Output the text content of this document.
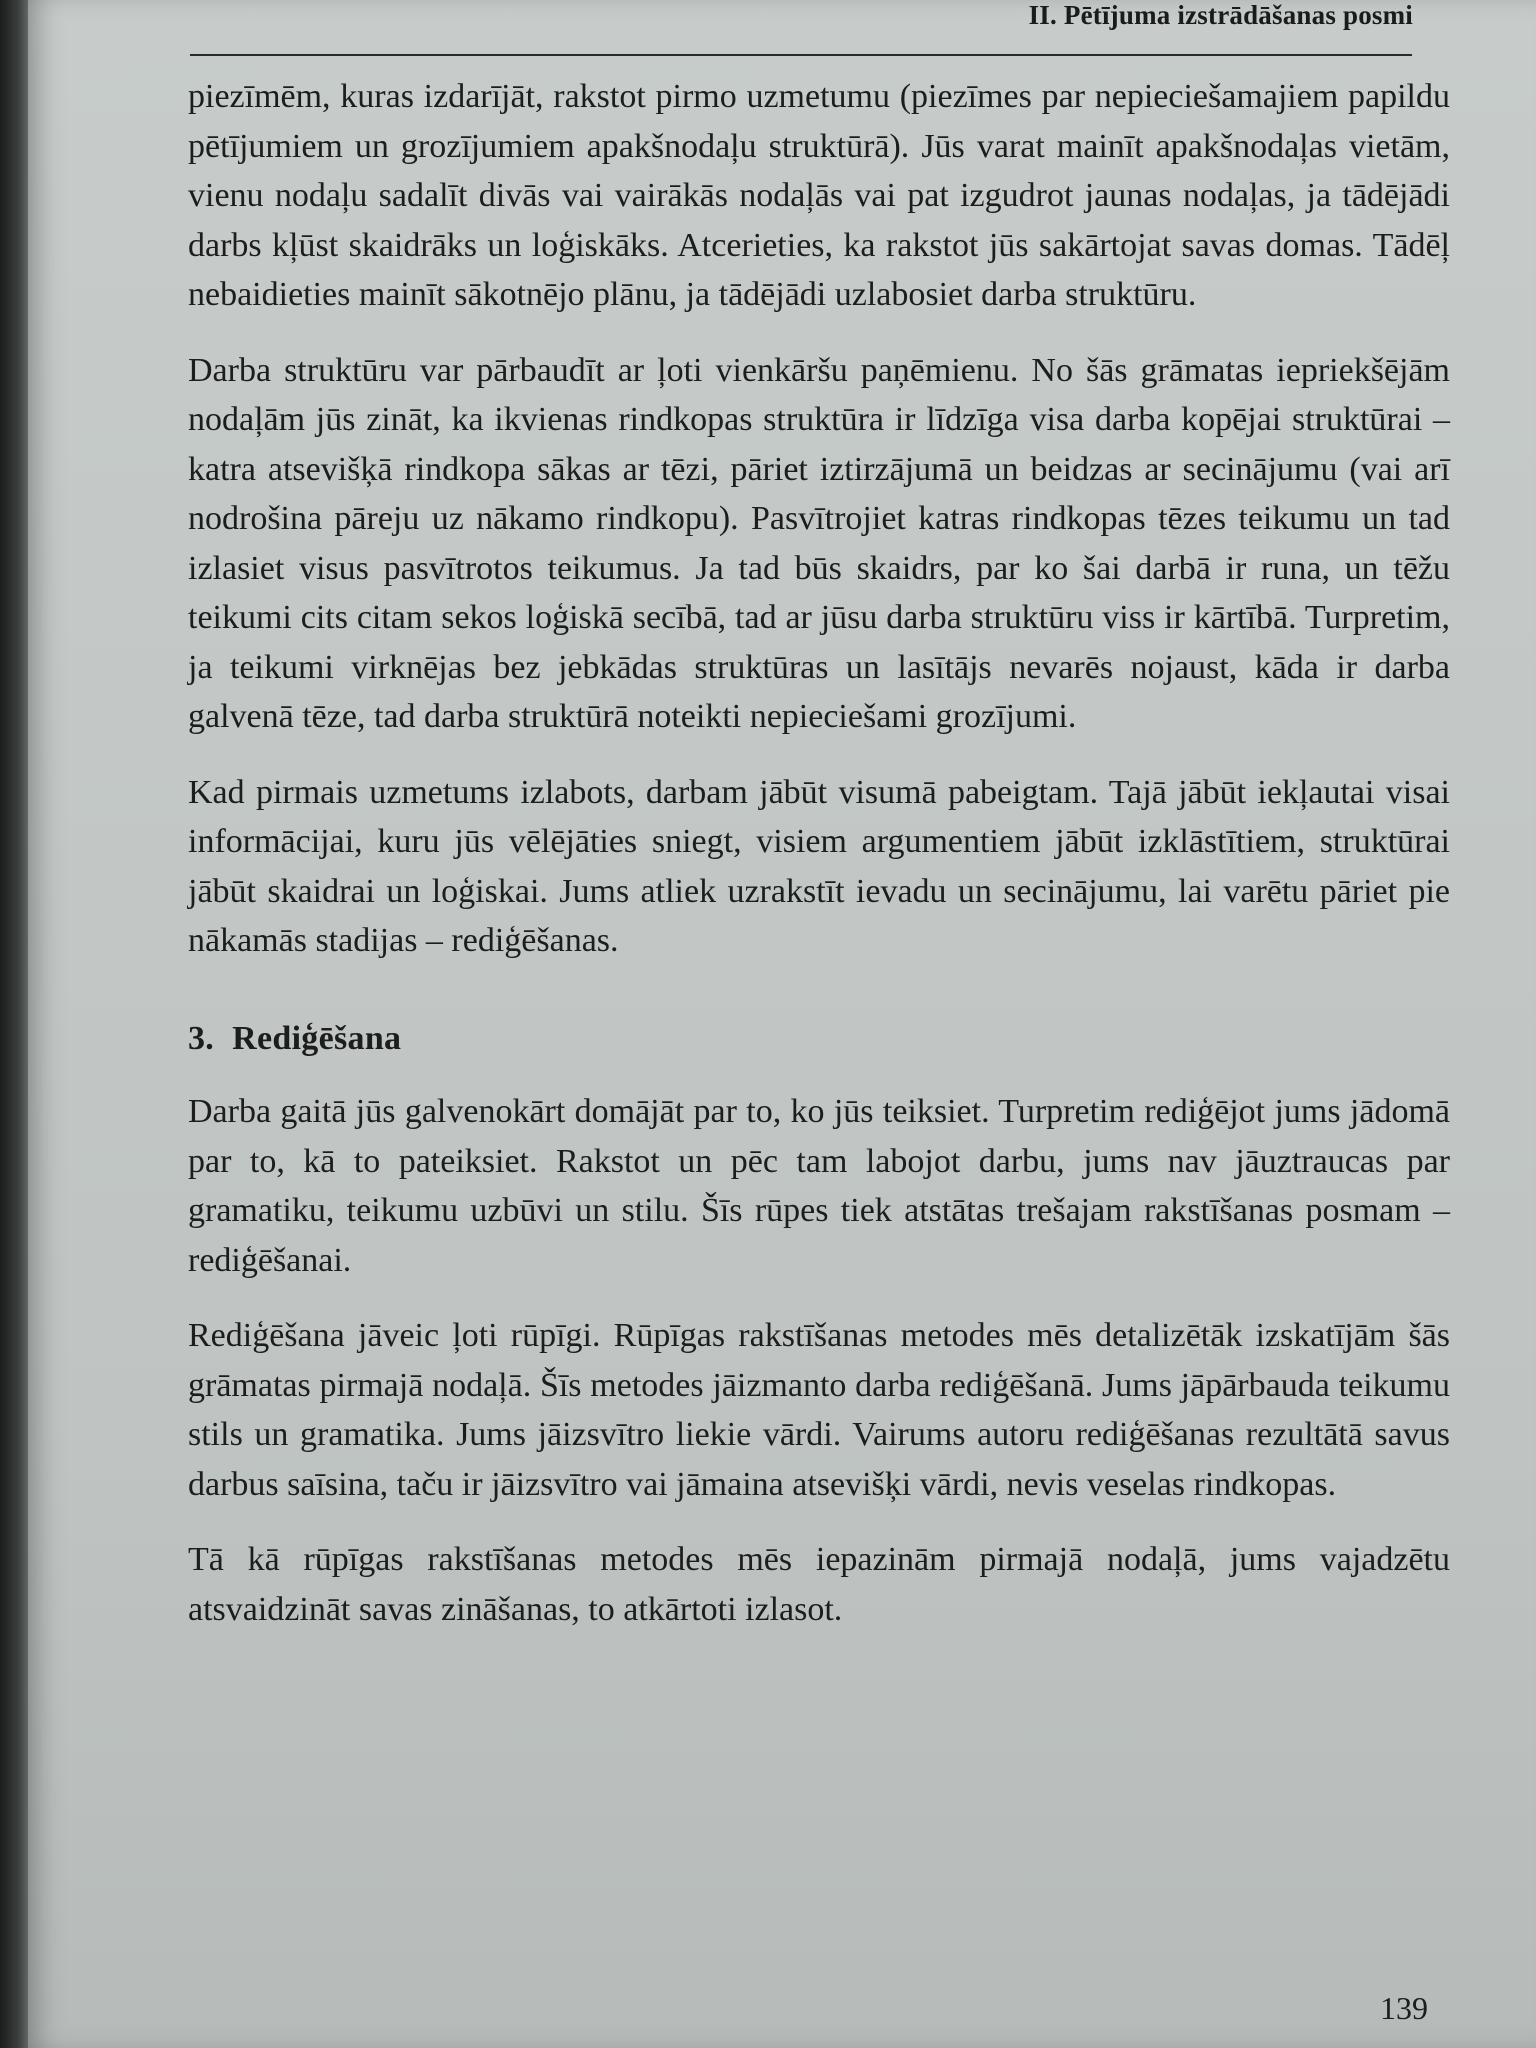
II. Pētījuma izstrādāšanas posmi

piezīmēm, kuras izdarījāt, rakstot pirmo uzmetumu (piezīmes par nepieciešamajiem papildu pētījumiem un grozījumiem apakšnodaļu struktūrā). Jūs varat mainīt apakšnodaļas vietām, vienu nodaļu sadalīt divās vai vairākās nodaļās vai pat izgudrot jaunas nodaļas, ja tādējādi darbs kļūst skaidrāks un loģiskāks. Atcerieties, ka rakstot jūs sakārtojat savas domas. Tādēļ nebaidieties mainīt sākotnējo plānu, ja tādējādi uzlabosiet darba struktūru.

Darba struktūru var pārbaudīt ar ļoti vienkāršu paņēmienu. No šās grāmatas iepriekšējām nodaļām jūs zināt, ka ikvienas rindkopas struktūra ir līdzīga visa darba kopējai struktūrai – katra atsevišķā rindkopa sākas ar tēzi, pāriet iztirzājumā un beidzas ar secinājumu (vai arī nodrošina pāreju uz nākamo rindkopu). Pasvītrojiet katras rindkopas tēzes teikumu un tad izlasiet visus pasvītrotos teikumus. Ja tad būs skaidrs, par ko šai darbā ir runa, un tēžu teikumi cits citam sekos loģiskā secībā, tad ar jūsu darba struktūru viss ir kārtībā. Turpretim, ja teikumi virknējas bez jebkādas struktūras un lasītājs nevarēs nojaust, kāda ir darba galvenā tēze, tad darba struktūrā noteikti nepieciešami grozījumi.

Kad pirmais uzmetums izlabots, darbam jābūt visumā pabeigtam. Tajā jābūt iekļautai visai informācijai, kuru jūs vēlējāties sniegt, visiem argumentiem jābūt izklāstītiem, struktūrai jābūt skaidrai un loģiskai. Jums atliek uzrakstīt ievadu un secinājumu, lai varētu pāriet pie nākamās stadijas – rediģēšanas.

3. Rediģēšana

Darba gaitā jūs galvenokārt domājāt par to, ko jūs teiksiet. Turpretim rediģējot jums jādomā par to, kā to pateiksiet. Rakstot un pēc tam labojot darbu, jums nav jāuztraucas par gramatiku, teikumu uzbūvi un stilu. Šīs rūpes tiek atstātas trešajam rakstīšanas posmam – rediģēšanai.

Rediģēšana jāveic ļoti rūpīgi. Rūpīgas rakstīšanas metodes mēs detalizētāk izskatījām šās grāmatas pirmajā nodaļā. Šīs metodes jāizmanto darba rediģēšanā. Jums jāpārbauda teikumu stils un gramatika. Jums jāizsvītro liekie vārdi. Vairums autoru rediģēšanas rezultātā savus darbus saīsina, taču ir jāizsvītro vai jāmaina atsevišķi vārdi, nevis veselas rindkopas.

Tā kā rūpīgas rakstīšanas metodes mēs iepazinām pirmajā nodaļā, jums vajadzētu atsvaidzināt savas zināšanas, to atkārtoti izlasot.

139
